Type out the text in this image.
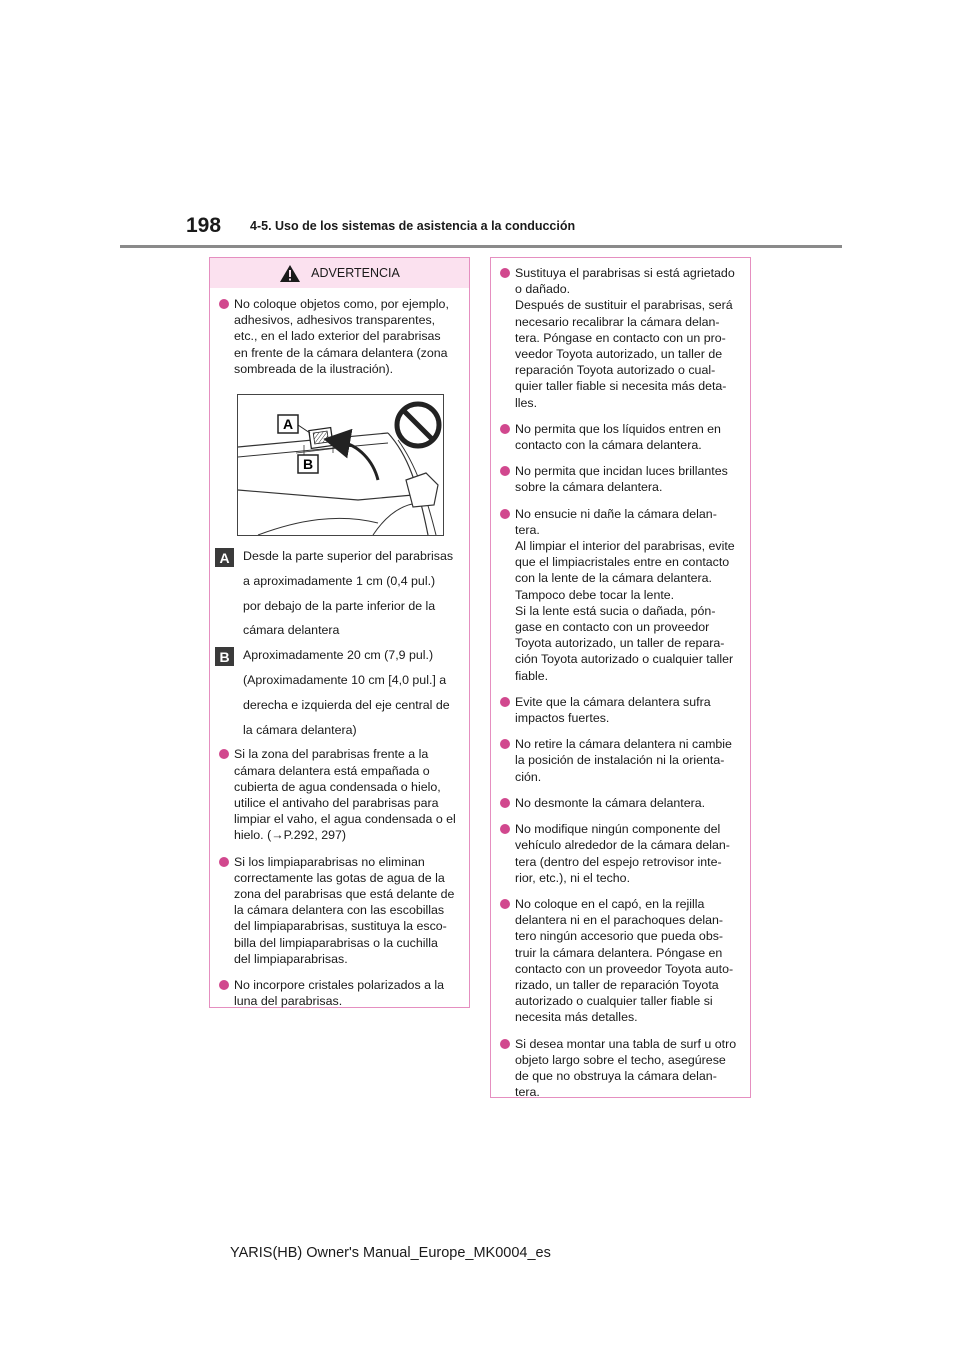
198 4-5. Uso de los sistemas de asistencia a la conducción
ADVERTENCIA
No coloque objetos como, por ejemplo,
adhesivos, adhesivos transparentes,
etc., en el lado exterior del parabrisas
en frente de la cámara delantera (zona
sombreada de la ilustración).
A
B
A	Desde la parte superior del parabrisas
a aproximadamente 1 cm (0,4 pul.)
por debajo de la parte inferior de la
cámara delantera
B	Aproximadamente 20 cm (7,9 pul.)
(Aproximadamente 10 cm [4,0 pul.] a
derecha e izquierda del eje central de
la cámara delantera)
Si la zona del parabrisas frente a la
cámara delantera está empañada o
cubierta de agua condensada o hielo,
utilice el antivaho del parabrisas para
limpiar el vaho, el agua condensada o el
hielo. (→P.292, 297)
Si los limpiaparabrisas no eliminan
correctamente las gotas de agua de la
zona del parabrisas que está delante de
la cámara delantera con las escobillas
del limpiaparabrisas, sustituya la esco-
billa del limpiaparabrisas o la cuchilla
del limpiaparabrisas.
No incorpore cristales polarizados a la
luna del parabrisas.
Sustituya el parabrisas si está agrietado
o dañado.
Después de sustituir el parabrisas, será
necesario recalibrar la cámara delan-
tera. Póngase en contacto con un pro-
veedor Toyota autorizado, un taller de
reparación Toyota autorizado o cual-
quier taller fiable si necesita más deta-
lles.
No permita que los líquidos entren en
contacto con la cámara delantera.
No permita que incidan luces brillantes
sobre la cámara delantera.
No ensucie ni dañe la cámara delan-
tera.
Al limpiar el interior del parabrisas, evite
que el limpiacristales entre en contacto
con la lente de la cámara delantera.
Tampoco debe tocar la lente.
Si la lente está sucia o dañada, pón-
gase en contacto con un proveedor
Toyota autorizado, un taller de repara-
ción Toyota autorizado o cualquier taller
fiable.
Evite que la cámara delantera sufra
impactos fuertes.
No retire la cámara delantera ni cambie
la posición de instalación ni la orienta-
ción.
No desmonte la cámara delantera.
No modifique ningún componente del
vehículo alrededor de la cámara delan-
tera (dentro del espejo retrovisor inte-
rior, etc.), ni el techo.
No coloque en el capó, en la rejilla
delantera ni en el parachoques delan-
tero ningún accesorio que pueda obs-
truir la cámara delantera. Póngase en
contacto con un proveedor Toyota auto-
rizado, un taller de reparación Toyota
autorizado o cualquier taller fiable si
necesita más detalles.
Si desea montar una tabla de surf u otro
objeto largo sobre el techo, asegúrese
de que no obstruya la cámara delan-
tera.
YARIS(HB) Owner's Manual_Europe_MK0004_es
